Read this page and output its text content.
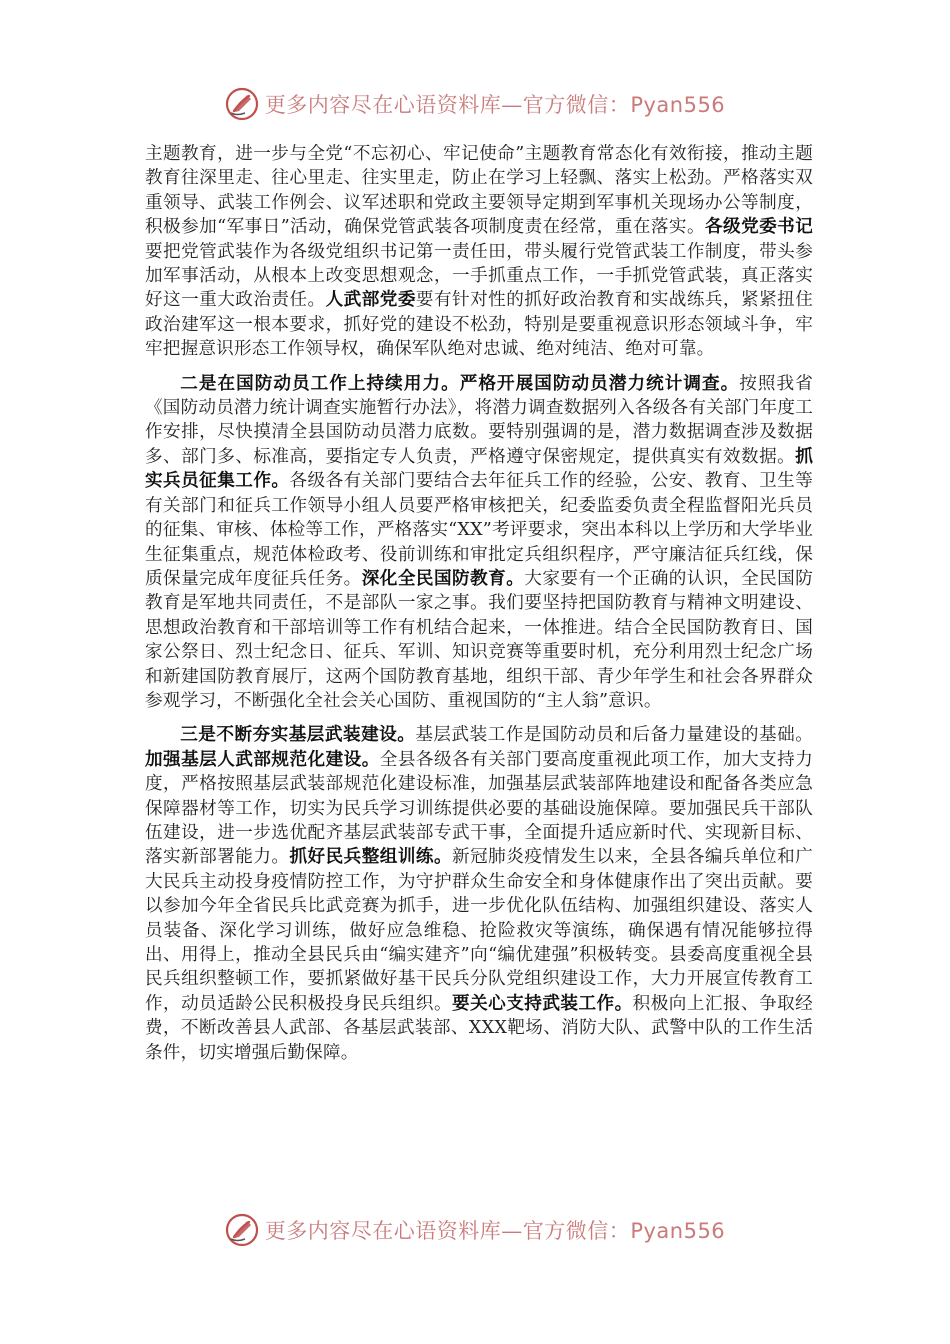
更多内容尽在心语资料库—官方微信：Pyan556

主题教育，进一步与全党“不忘初心、牢记使命”主题教育常态化有效衔接，推动主题教育往深里走、往心里走、往实里走，防止在学习上轻飘、落实上松劲。严格落实双重领导、武装工作例会、议军述职和党政主要领导定期到军事机关现场办公等制度，积极参加“军事日”活动，确保党管武装各项制度责在经常，重在落实。各级党委书记要把党管武装作为各级党组织书记第一责任田，带头履行党管武装工作制度，带头参加军事活动，从根本上改变思想观念，一手抓重点工作，一手抓党管武装，真正落实好这一重大政治责任。人武部党委要有针对性的抓好政治教育和实战练兵，紧紧扭住政治建军这一根本要求，抓好党的建设不松劲，特别是要重视意识形态领域斗争，牢牢把握意识形态工作领导权，确保军队绝对忠诚、绝对纯洁、绝对可靠。

二是在国防动员工作上持续用力。严格开展国防动员潜力统计调查。按照我省《国防动员潜力统计调查实施暂行办法》，将潜力调查数据列入各级各有关部门年度工作安排，尽快摸清全县国防动员潜力底数。要特别强调的是，潜力数据调查涉及数据多、部门多、标准高，要指定专人负责，严格遵守保密规定，提供真实有效数据。抓实兵员征集工作。各级各有关部门要结合去年征兵工作的经验，公安、教育、卫生等有关部门和征兵工作领导小组人员要严格审核把关，纪委监委负责全程监督阳光兵员的征集、审核、体检等工作，严格落实“XX”考评要求，突出本科以上学历和大学毕业生征集重点，规范体检政考、役前训练和审批定兵组织程序，严守廉洁征兵红线，保质保量完成年度征兵任务。深化全民国防教育。大家要有一个正确的认识，全民国防教育是军地共同责任，不是部队一家之事。我们要坚持把国防教育与精神文明建设、思想政治教育和干部培训等工作有机结合起来，一体推进。结合全民国防教育日、国家公祭日、烈士纪念日、征兵、军训、知识竞赛等重要时机，充分利用烈士纪念广场和新建国防教育展厅，这两个国防教育基地，组织干部、青少年学生和社会各界群众参观学习，不断强化全社会关心国防、重视国防的“主人翁”意识。

三是不断夯实基层武装建设。基层武装工作是国防动员和后备力量建设的基础。加强基层人武部规范化建设。全县各级各有关部门要高度重视此项工作，加大支持力度，严格按照基层武装部规范化建设标准，加强基层武装部阵地建设和配备各类应急保障器材等工作，切实为民兵学习训练提供必要的基础设施保障。要加强民兵干部队伍建设，进一步选优配齐基层武装部专武干事，全面提升适应新时代、实现新目标、落实新部署能力。抓好民兵整组训练。新冠肺炎疫情发生以来，全县各编兵单位和广大民兵主动投身疫情防控工作，为守护群众生命安全和身体健康作出了突出贡献。要以参加今年全省民兵比武竞赛为抓手，进一步优化队伍结构、加强组织建设、落实人员装备、深化学习训练，做好应急维稳、抢险救灾等演练，确保遇有情况能够拉得出、用得上，推动全县民兵由“编实建齐”向“编优建强”积极转变。县委高度重视全县民兵组织整顿工作，要抓紧做好基干民兵分队党组织建设工作，大力开展宣传教育工作，动员适龄公民积极投身民兵组织。要关心支持武装工作。积极向上汇报、争取经费，不断改善县人武部、各基层武装部、XXX靶场、消防大队、武警中队的工作生活条件，切实增强后勤保障。

更多内容尽在心语资料库—官方微信：Pyan556
